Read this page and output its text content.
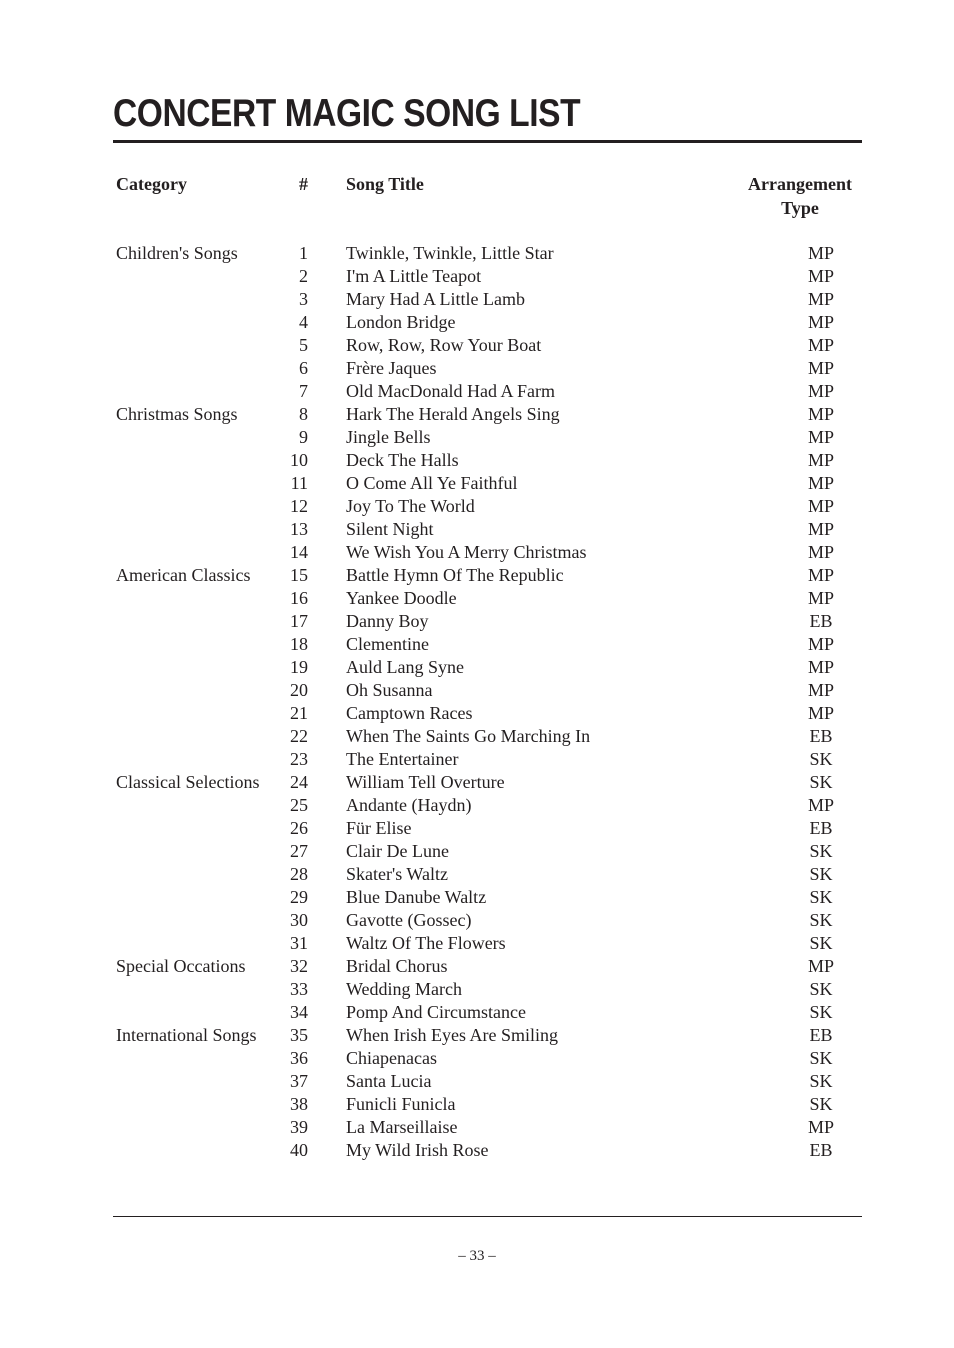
CONCERT MAGIC SONG LIST
Category	# Song Title	Arrangement Type
Children's Songs	1 Twinkle, Twinkle, Little Star	MP
2 I'm A Little Teapot	MP
3 Mary Had A Little Lamb	MP
4 London Bridge	MP
5 Row, Row, Row Your Boat	MP
6 Frère Jaques	MP
7 Old MacDonald Had A Farm	MP
Christmas Songs	8 Hark The Herald Angels Sing	MP
9 Jingle Bells	MP
10 Deck The Halls	MP
11 O Come All Ye Faithful	MP
12 Joy To The World	MP
13 Silent Night	MP
14 We Wish You A Merry Christmas	MP
American Classics	15 Battle Hymn Of The Republic	MP
16 Yankee Doodle	MP
17 Danny Boy	EB
18 Clementine	MP
19 Auld Lang Syne	MP
20 Oh Susanna	MP
21 Camptown Races	MP
22 When The Saints Go Marching In	EB
23 The Entertainer	SK
Classical Selections	24 William Tell Overture	SK
25 Andante (Haydn)	MP
26 Für Elise	EB
27 Clair De Lune	SK
28 Skater's Waltz	SK
29 Blue Danube Waltz	SK
30 Gavotte (Gossec)	SK
31 Waltz Of The Flowers	SK
Special Occations	32 Bridal Chorus	MP
33 Wedding March	SK
34 Pomp And Circumstance	SK
International Songs	35 When Irish Eyes Are Smiling	EB
36 Chiapenacas	SK
37 Santa Lucia	SK
38 Funicli Funicla	SK
39 La Marseillaise	MP
40 My Wild Irish Rose	EB
– 33 –
